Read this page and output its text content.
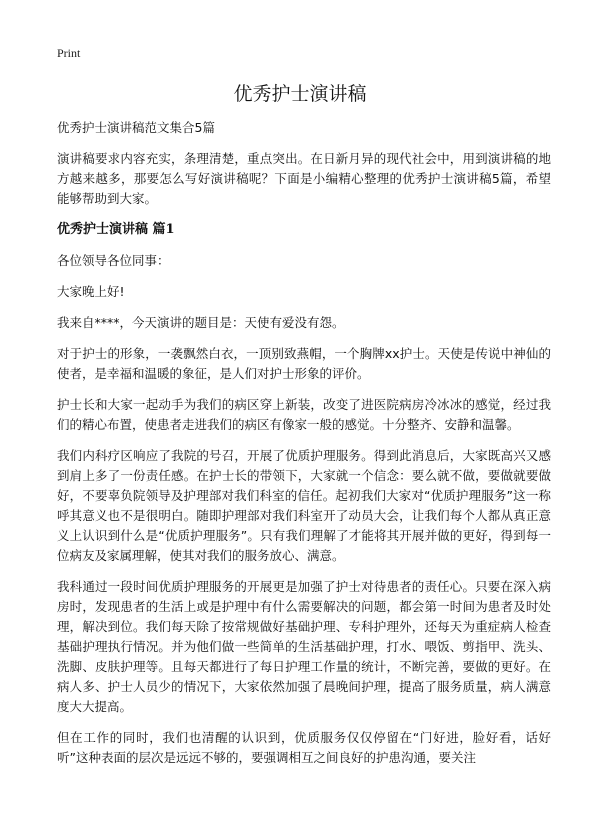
Print
优秀护士演讲稿

优秀护士演讲稿范文集合5篇

演讲稿要求内容充实，条理清楚，重点突出。在日新月异的现代社会中，用到演讲稿的地方越来越多，那要怎么写好演讲稿呢？下面是小编精心整理的优秀护士演讲稿5篇，希望能够帮助到大家。

优秀护士演讲稿 篇1

各位领导各位同事：

大家晚上好!

我来自****，今天演讲的题目是：天使有爱没有怨。

对于护士的形象，一袭飘然白衣，一顶别致燕帽，一个胸牌xx护士。天使是传说中神仙的使者，是幸福和温暖的象征，是人们对护士形象的评价。

护士长和大家一起动手为我们的病区穿上新装，改变了进医院病房冷冰冰的感觉，经过我们的精心布置，使患者走进我们的病区有像家一般的感觉。十分整齐、安静和温馨。

我们内科疗区响应了我院的号召，开展了优质护理服务。得到此消息后，大家既高兴又感到肩上多了一份责任感。在护士长的带领下，大家就一个信念：要么就不做，要做就要做好，不要辜负院领导及护理部对我们科室的信任。起初我们大家对“优质护理服务”这一称呼其意义也不是很明白。随即护理部对我们科室开了动员大会，让我们每个人都从真正意义上认识到什么是“优质护理服务”。只有我们理解了才能将其开展并做的更好，得到每一位病友及家属理解，使其对我们的服务放心、满意。

我科通过一段时间优质护理服务的开展更是加强了护士对待患者的责任心。只要在深入病房时，发现患者的生活上或是护理中有什么需要解决的问题，都会第一时间为患者及时处理，解决到位。我们每天除了按常规做好基础护理、专科护理外，还每天为重症病人检查基础护理执行情况。并为他们做一些简单的生活基础护理，打水、喂饭、剪指甲、洗头、洗脚、皮肤护理等。且每天都进行了每日护理工作量的统计，不断完善，要做的更好。在病人多、护士人员少的情况下，大家依然加强了晨晚间护理，提高了服务质量，病人满意度大大提高。

但在工作的同时，我们也清醒的认识到，优质服务仅仅停留在“门好进，脸好看，话好听”这种表面的层次是远远不够的，要强调相互之间良好的护患沟通，要关注
